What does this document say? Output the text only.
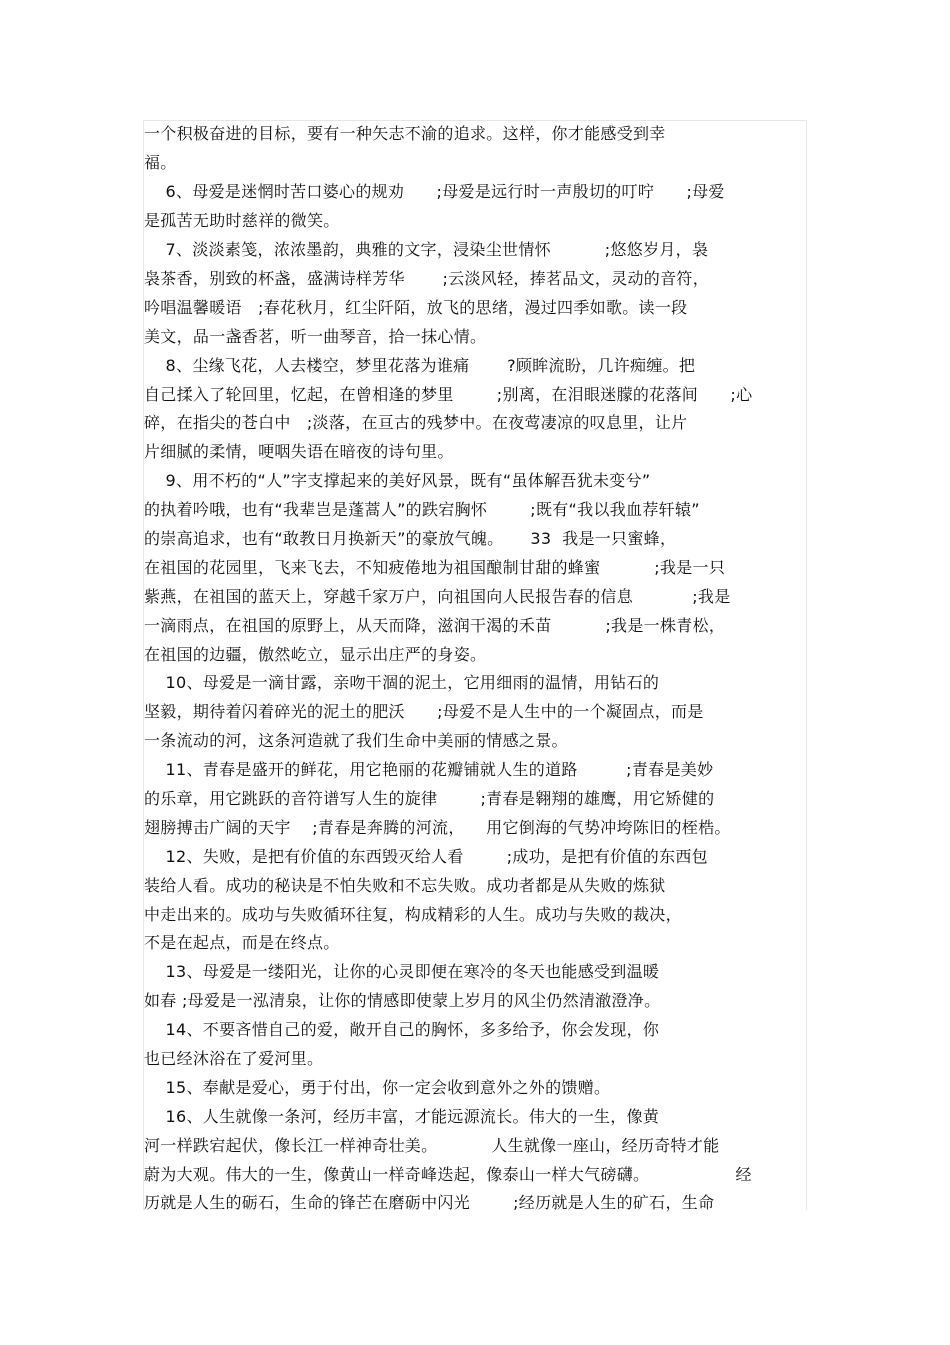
一个积极奋进的目标，要有一种矢志不渝的追求。这样，你才能感受到幸
福。
6、母爱是迷惘时苦口婆心的规劝      ;母爱是远行时一声殷切的叮咛      ;母爱
是孤苦无助时慈祥的微笑。
7、淡淡素笺，浓浓墨韵，典雅的文字，浸染尘世情怀          ;悠悠岁月，袅
袅茶香，别致的杯盏，盛满诗样芳华       ;云淡风轻，捧茗品文，灵动的音符，
吟唱温馨暖语   ;春花秋月，红尘阡陌，放飞的思绪，漫过四季如歌。读一段
美文，品一盏香茗，听一曲琴音，拾一抹心情。
8、尘缘飞花，人去楼空，梦里花落为谁痛       ?顾眸流盼，几许痴缠。把
自己揉入了轮回里，忆起，在曾相逢的梦里        ;别离，在泪眼迷朦的花落间      ;心
碎，在指尖的苍白中   ;淡落，在亘古的残梦中。在夜莺凄凉的叹息里，让片
片细腻的柔情，哽咽失语在暗夜的诗句里。
9、用不朽的“人”字支撑起来的美好风景，既有“虽体解吾犹未变兮”
的执着吟哦，也有“我辈岂是蓬蒿人”的跌宕胸怀        ;既有“我以我血荐轩辕”
的崇高追求，也有“敢教日月换新天”的豪放气魄。     33  我是一只蜜蜂，
在祖国的花园里，飞来飞去，不知疲倦地为祖国酿制甘甜的蜂蜜          ;我是一只
紫燕，在祖国的蓝天上，穿越千家万户，向祖国向人民报告春的信息           ;我是
一滴雨点，在祖国的原野上，从天而降，滋润干渴的禾苗          ;我是一株青松，
在祖国的边疆，傲然屹立，显示出庄严的身姿。
10、母爱是一滴甘露，亲吻干涸的泥土，它用细雨的温情，用钻石的
坚毅，期待着闪着碎光的泥土的肥沃      ;母爱不是人生中的一个凝固点，而是
一条流动的河，这条河造就了我们生命中美丽的情感之景。
11、青春是盛开的鲜花，用它艳丽的花瓣铺就人生的道路         ;青春是美妙
的乐章，用它跳跃的音符谱写人生的旋律        ;青春是翱翔的雄鹰，用它矫健的
翅膀搏击广阔的天宇    ;青春是奔腾的河流，    用它倒海的气势冲垮陈旧的桎梏。
12、失败，是把有价值的东西毁灭给人看        ;成功，是把有价值的东西包
装给人看。成功的秘诀是不怕失败和不忘失败。成功者都是从失败的炼狱
中走出来的。成功与失败循环往复，构成精彩的人生。成功与失败的裁决，
不是在起点，而是在终点。
13、母爱是一缕阳光，让你的心灵即便在寒冷的冬天也能感受到温暖
如春 ;母爱是一泓清泉，让你的情感即使蒙上岁月的风尘仍然清澈澄净。
14、不要吝惜自己的爱，敞开自己的胸怀，多多给予，你会发现，你
也已经沐浴在了爱河里。
15、奉献是爱心，勇于付出，你一定会收到意外之外的馈赠。
16、人生就像一条河，经历丰富，才能远源流长。伟大的一生，像黄
河一样跌宕起伏，像长江一样神奇壮美。          人生就像一座山，经历奇特才能
蔚为大观。伟大的一生，像黄山一样奇峰迭起，像泰山一样大气磅礴。                经
历就是人生的砺石，生命的锋芒在磨砺中闪光        ;经历就是人生的矿石，生命
